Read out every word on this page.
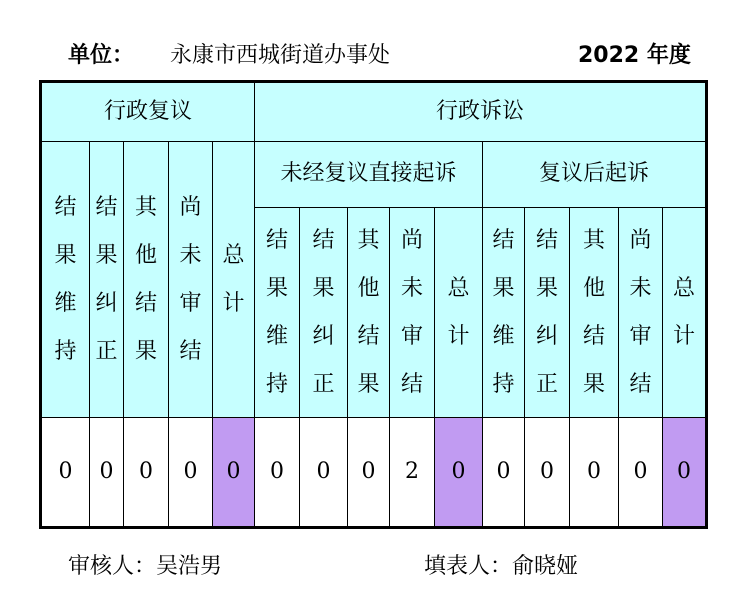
单位： 永康市西城街道办事处	2022 年度
行政复议					行政诉讼									
结果维持	结果纠正	其他结果	尚未审结	总计	未经复议直接起诉					复议后起诉				
					结果维持	结果纠正	其他结果	尚未审结	总计	结果维持	结果纠正	其他结果	尚未审结	总计
0	0	0	0	0	0	0	0	2	0	0	0	0	0	0
审核人：吴浩男	填表人：俞晓娅
